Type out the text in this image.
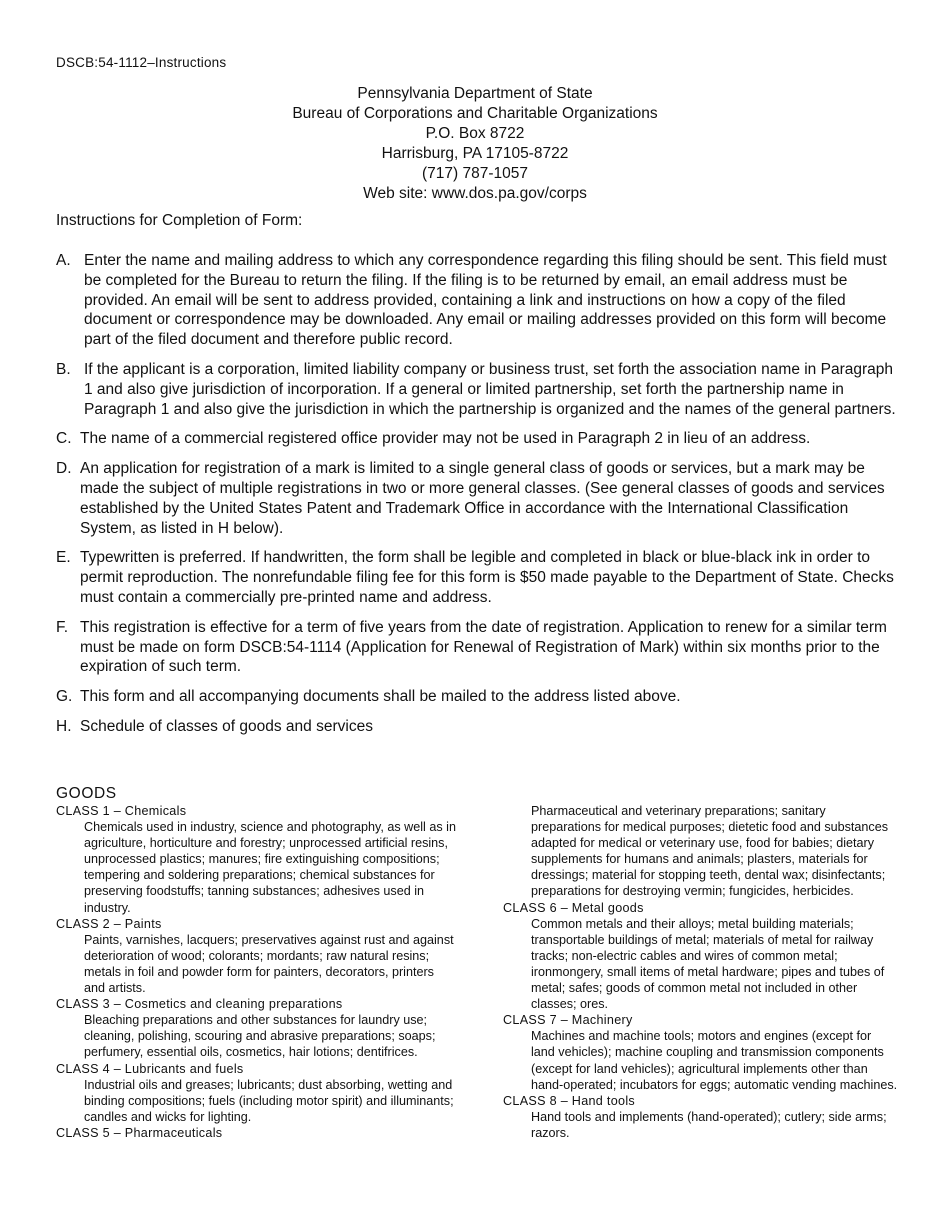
DSCB:54-1112–Instructions
Pennsylvania Department of State
Bureau of Corporations and Charitable Organizations
P.O. Box 8722
Harrisburg, PA 17105-8722
(717) 787-1057
Web site: www.dos.pa.gov/corps
Instructions for Completion of Form:
A. Enter the name and mailing address to which any correspondence regarding this filing should be sent. This field must be completed for the Bureau to return the filing. If the filing is to be returned by email, an email address must be provided. An email will be sent to address provided, containing a link and instructions on how a copy of the filed document or correspondence may be downloaded. Any email or mailing addresses provided on this form will become part of the filed document and therefore public record.
B. If the applicant is a corporation, limited liability company or business trust, set forth the association name in Paragraph 1 and also give jurisdiction of incorporation. If a general or limited partnership, set forth the partnership name in Paragraph 1 and also give the jurisdiction in which the partnership is organized and the names of the general partners.
C. The name of a commercial registered office provider may not be used in Paragraph 2 in lieu of an address.
D. An application for registration of a mark is limited to a single general class of goods or services, but a mark may be made the subject of multiple registrations in two or more general classes. (See general classes of goods and services established by the United States Patent and Trademark Office in accordance with the International Classification System, as listed in H below).
E. Typewritten is preferred. If handwritten, the form shall be legible and completed in black or blue-black ink in order to permit reproduction. The nonrefundable filing fee for this form is $50 made payable to the Department of State. Checks must contain a commercially pre-printed name and address.
F. This registration is effective for a term of five years from the date of registration. Application to renew for a similar term must be made on form DSCB:54-1114 (Application for Renewal of Registration of Mark) within six months prior to the expiration of such term.
G. This form and all accompanying documents shall be mailed to the address listed above.
H. Schedule of classes of goods and services
GOODS
CLASS 1 – Chemicals
Chemicals used in industry, science and photography, as well as in agriculture, horticulture and forestry; unprocessed artificial resins, unprocessed plastics; manures; fire extinguishing compositions; tempering and soldering preparations; chemical substances for preserving foodstuffs; tanning substances; adhesives used in industry.
CLASS 2 – Paints
Paints, varnishes, lacquers; preservatives against rust and against deterioration of wood; colorants; mordants; raw natural resins; metals in foil and powder form for painters, decorators, printers and artists.
CLASS 3 – Cosmetics and cleaning preparations
Bleaching preparations and other substances for laundry use; cleaning, polishing, scouring and abrasive preparations; soaps; perfumery, essential oils, cosmetics, hair lotions; dentifrices.
CLASS 4 – Lubricants and fuels
Industrial oils and greases; lubricants; dust absorbing, wetting and binding compositions; fuels (including motor spirit) and illuminants; candles and wicks for lighting.
CLASS 5 – Pharmaceuticals
Pharmaceutical and veterinary preparations; sanitary preparations for medical purposes; dietetic food and substances adapted for medical or veterinary use, food for babies; dietary supplements for humans and animals; plasters, materials for dressings; material for stopping teeth, dental wax; disinfectants; preparations for destroying vermin; fungicides, herbicides.
CLASS 6 – Metal goods
Common metals and their alloys; metal building materials; transportable buildings of metal; materials of metal for railway tracks; non-electric cables and wires of common metal; ironmongery, small items of metal hardware; pipes and tubes of metal; safes; goods of common metal not included in other classes; ores.
CLASS 7 – Machinery
Machines and machine tools; motors and engines (except for land vehicles); machine coupling and transmission components (except for land vehicles); agricultural implements other than hand-operated; incubators for eggs; automatic vending machines.
CLASS 8 – Hand tools
Hand tools and implements (hand-operated); cutlery; side arms; razors.
